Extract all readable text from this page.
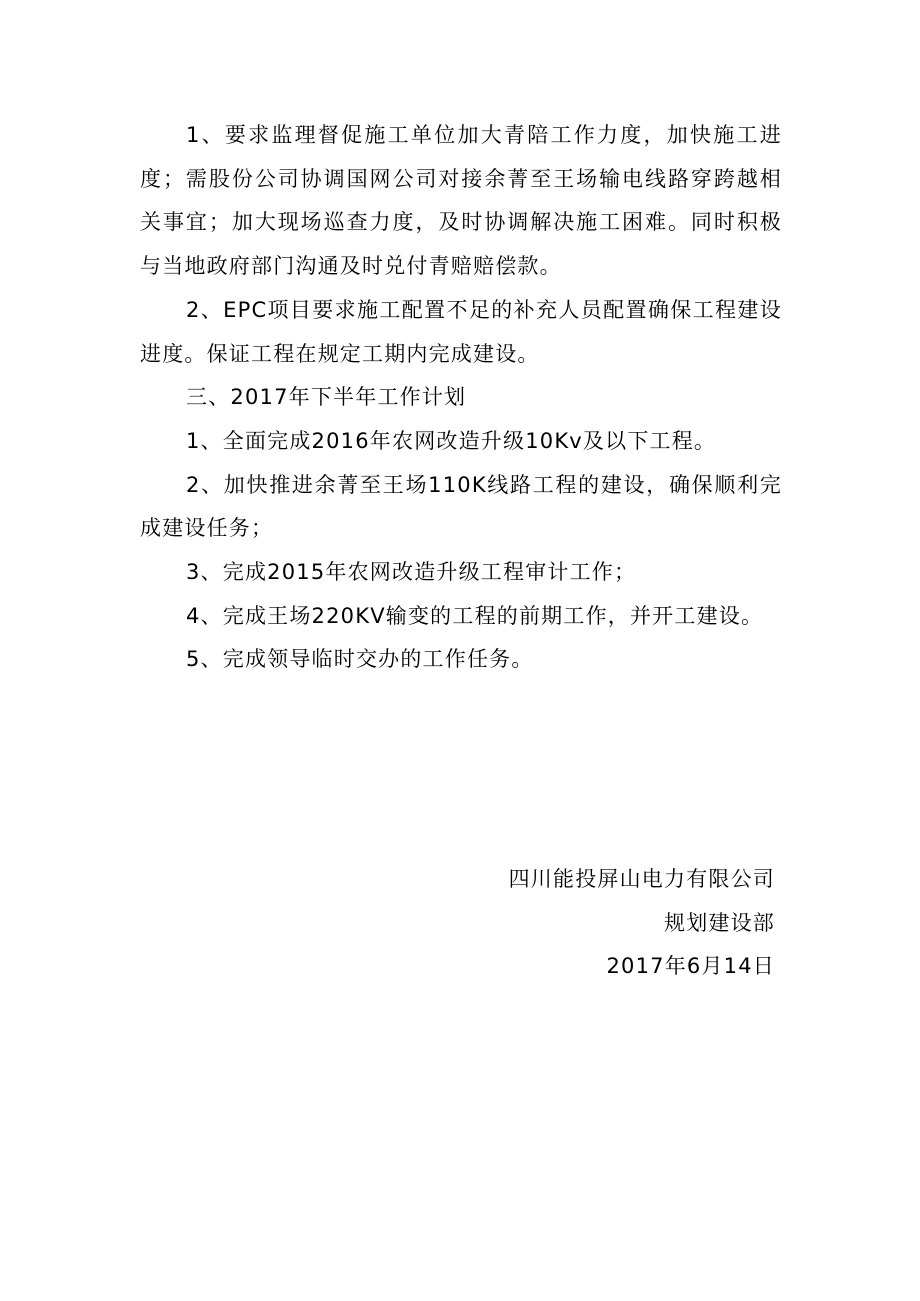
1、要求监理督促施工单位加大青陪工作力度，加快施工进度；需股份公司协调国网公司对接余菁至王场输电线路穿跨越相关事宜；加大现场巡查力度，及时协调解决施工困难。同时积极与当地政府部门沟通及时兑付青赔赔偿款。

2、EPC项目要求施工配置不足的补充人员配置确保工程建设进度。保证工程在规定工期内完成建设。

三、2017年下半年工作计划

1、全面完成2016年农网改造升级10Kv及以下工程。

2、加快推进余菁至王场110K线路工程的建设，确保顺利完成建设任务；

3、完成2015年农网改造升级工程审计工作；

4、完成王场220KV输变的工程的前期工作，并开工建设。

5、完成领导临时交办的工作任务。

四川能投屏山电力有限公司
规划建设部
2017年6月14日
